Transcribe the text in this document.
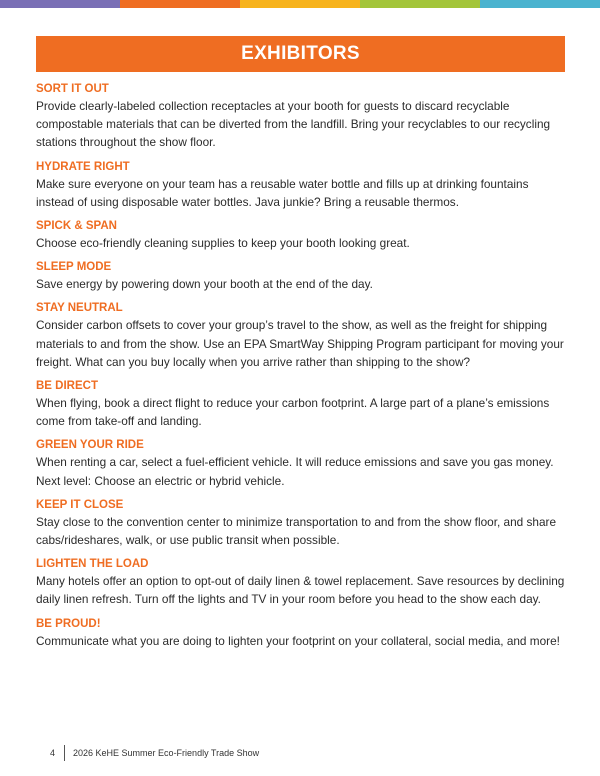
EXHIBITORS
SORT IT OUT
Provide clearly-labeled collection receptacles at your booth for guests to discard recyclable compostable materials that can be diverted from the landfill. Bring your recyclables to our recycling stations throughout the show floor.
HYDRATE RIGHT
Make sure everyone on your team has a reusable water bottle and fills up at drinking fountains instead of using disposable water bottles. Java junkie? Bring a reusable thermos.
SPICK & SPAN
Choose eco-friendly cleaning supplies to keep your booth looking great.
SLEEP MODE
Save energy by powering down your booth at the end of the day.
STAY NEUTRAL
Consider carbon offsets to cover your group’s travel to the show, as well as the freight for shipping materials to and from the show. Use an EPA SmartWay Shipping Program participant for moving your freight. What can you buy locally when you arrive rather than shipping to the show?
BE DIRECT
When flying, book a direct flight to reduce your carbon footprint. A large part of a plane’s emissions come from take-off and landing.
GREEN YOUR RIDE
When renting a car, select a fuel-efficient vehicle. It will reduce emissions and save you gas money. Next level: Choose an electric or hybrid vehicle.
KEEP IT CLOSE
Stay close to the convention center to minimize transportation to and from the show floor, and share cabs/rideshares, walk, or use public transit when possible.
LIGHTEN THE LOAD
Many hotels offer an option to opt-out of daily linen & towel replacement. Save resources by declining daily linen refresh. Turn off the lights and TV in your room before you head to the show each day.
BE PROUD!
Communicate what you are doing to lighten your footprint on your collateral, social media, and more!
4 2026 KeHE Summer Eco-Friendly Trade Show
